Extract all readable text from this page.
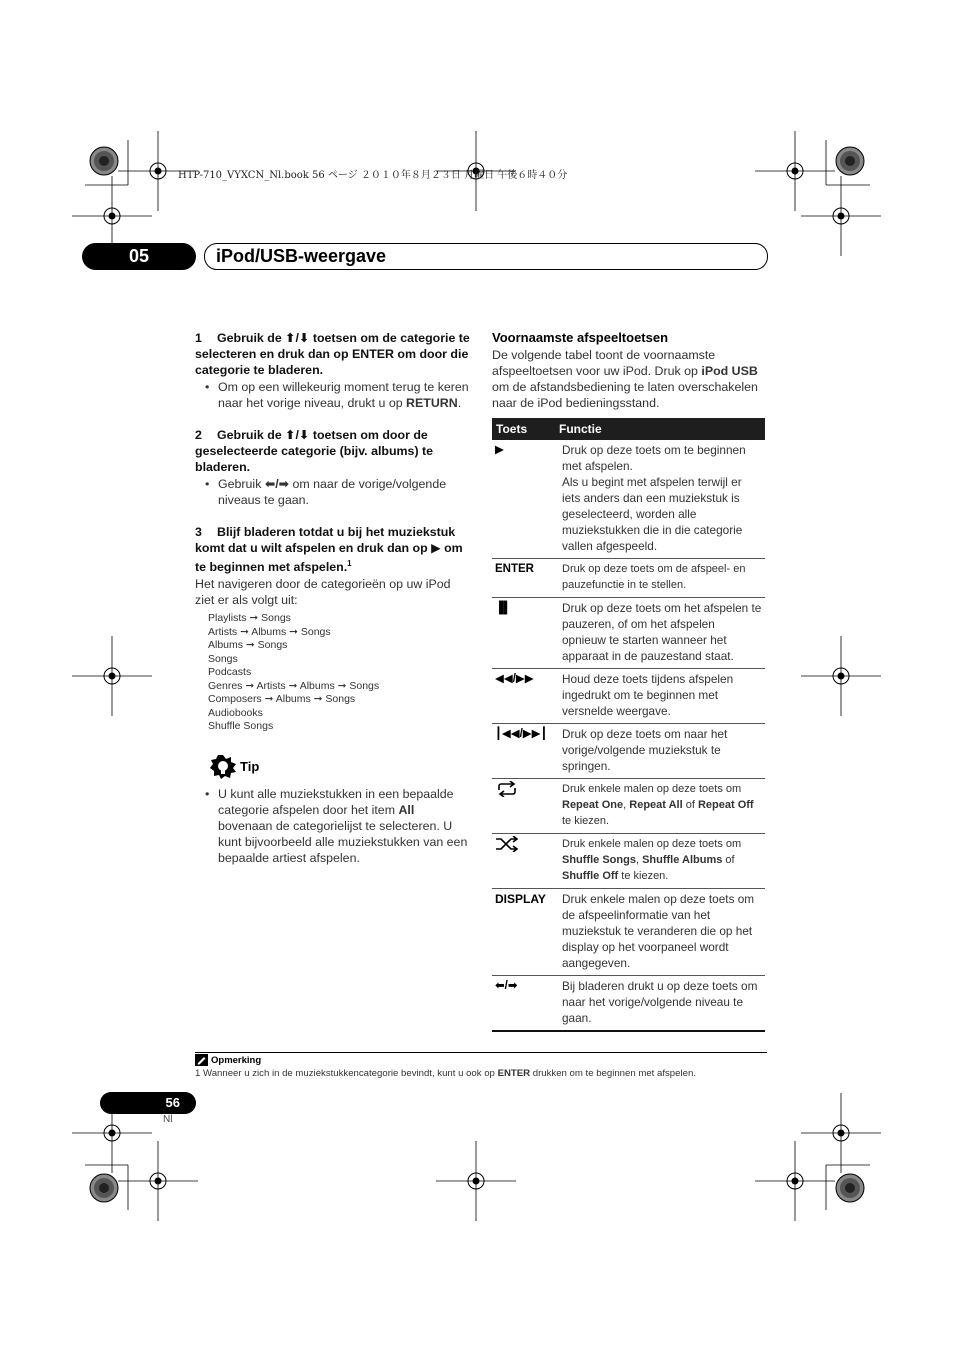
HTP-710_VYXCN_Nl.book 56 ページ ２０１０年８月２３日 月曜日 午後６時４０分
05	iPod/USB-weergave
1 Gebruik de ⬆/⬇ toetsen om de categorie te selecteren en druk dan op ENTER om door die categorie te bladeren.
• Om op een willekeurig moment terug te keren naar het vorige niveau, drukt u op RETURN.
2 Gebruik de ⬆/⬇ toetsen om door de geselecteerde categorie (bijv. albums) te bladeren.
• Gebruik ⬅/➡ om naar de vorige/volgende niveaus te gaan.
3 Blijf bladeren totdat u bij het muziekstuk komt dat u wilt afspelen en druk dan op ▶ om te beginnen met afspelen.$^1$
Het navigeren door de categorieën op uw iPod ziet er als volgt uit:
Playlists ➞ Songs
Artists ➞ Albums ➞ Songs
Albums ➞ Songs
Songs
Podcasts
Genres ➞ Artists ➞ Albums ➞ Songs
Composers ➞ Albums ➞ Songs
Audiobooks
Shuffle Songs
Tip
• U kunt alle muziekstukken in een bepaalde categorie afspelen door het item All bovenaan de categorielijst te selecteren. U kunt bijvoorbeeld alle muziekstukken van een bepaalde artiest afspelen.
Voornaamste afspeeltoetsen
De volgende tabel toont de voornaamste afspeeltoetsen voor uw iPod. Druk op iPod USB om de afstandsbediening te laten overschakelen naar de iPod bedieningsstand.
Toets	Functie
▶	Druk op deze toets om te beginnen met afspelen.
Als u begint met afspelen terwijl er iets anders dan een muziekstuk is geselecteerd, worden alle muziekstukken die in die categorie vallen afgespeeld.
ENTER	Druk op deze toets om de afspeel- en pauzefunctie in te stellen.
▐▌	Druk op deze toets om het afspelen te pauzeren, of om het afspelen opnieuw te starten wanneer het apparaat in de pauzestand staat.
◀◀/▶▶	Houd deze toets tijdens afspelen ingedrukt om te beginnen met versnelde weergave.
┃◀◀/▶▶┃	Druk op deze toets om naar het vorige/volgende muziekstuk te springen.
	Druk enkele malen op deze toets om Repeat One, Repeat All of Repeat Off te kiezen.
	Druk enkele malen op deze toets om Shuffle Songs, Shuffle Albums of Shuffle Off te kiezen.
DISPLAY	Druk enkele malen op deze toets om de afspeelinformatie van het muziekstuk te veranderen die op het display op het voorpaneel wordt aangegeven.
⬅/➡	Bij bladeren drukt u op deze toets om naar het vorige/volgende niveau te gaan.
Opmerking
1 Wanneer u zich in de muziekstukkencategorie bevindt, kunt u ook op ENTER drukken om te beginnen met afspelen.
56
Nl
